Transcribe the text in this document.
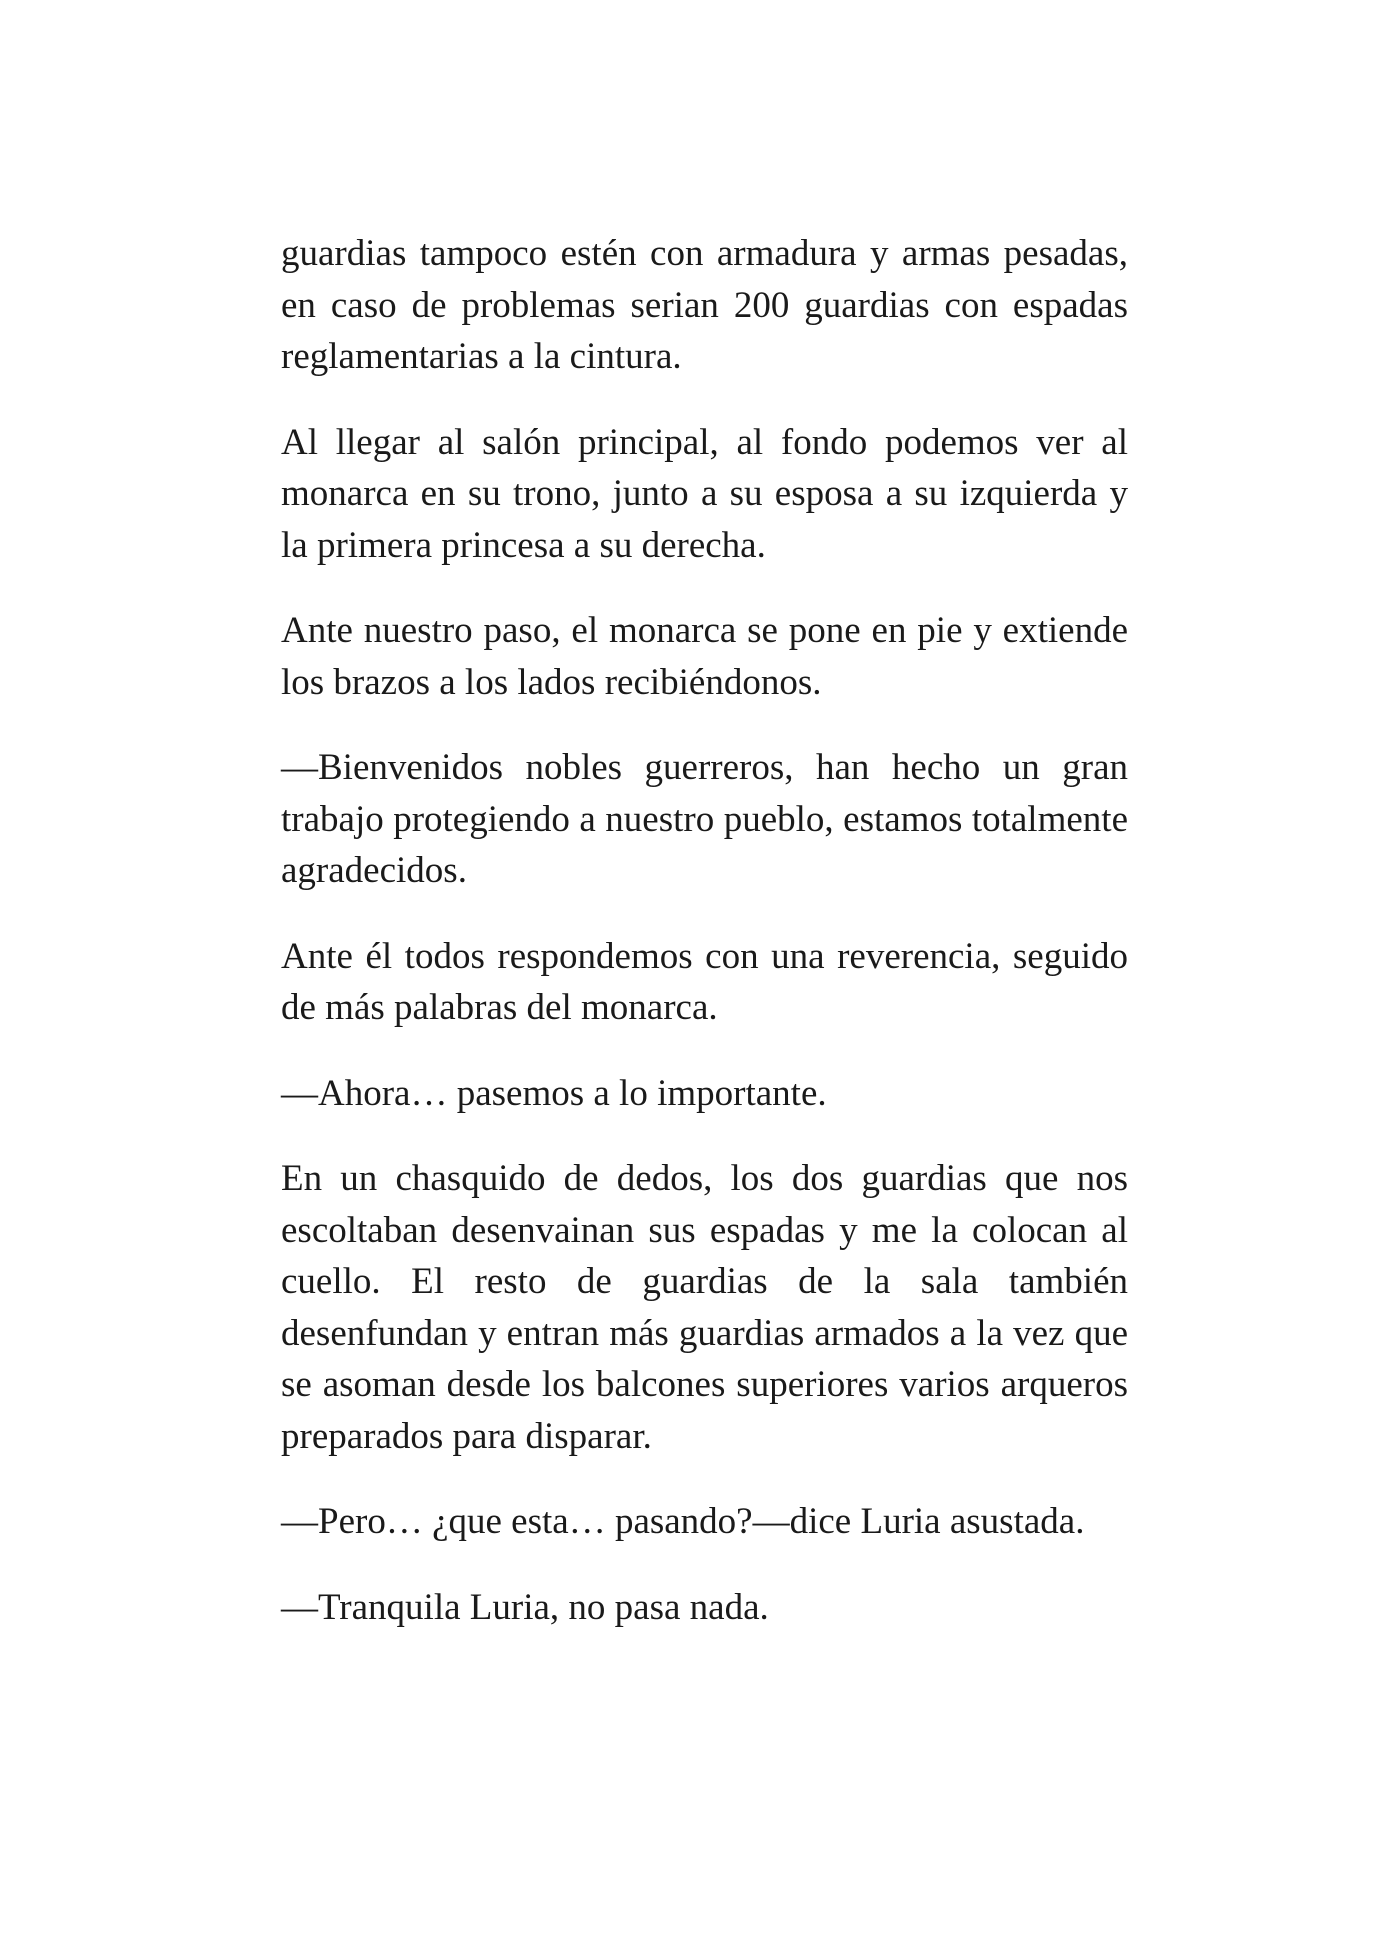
guardias tampoco estén con armadura y armas pesadas, en caso de problemas serian 200 guardias con espadas reglamentarias a la cintura.

Al llegar al salón principal, al fondo podemos ver al monarca en su trono, junto a su esposa a su izquierda y la primera princesa a su derecha.

Ante nuestro paso, el monarca se pone en pie y extiende los brazos a los lados recibiéndonos.

—Bienvenidos nobles guerreros, han hecho un gran trabajo protegiendo a nuestro pueblo, estamos totalmente agradecidos.

Ante él todos respondemos con una reverencia, seguido de más palabras del monarca.

—Ahora… pasemos a lo importante.

En un chasquido de dedos, los dos guardias que nos escoltaban desenvainan sus espadas y me la colocan al cuello. El resto de guardias de la sala también desenfundan y entran más guardias armados a la vez que se asoman desde los balcones superiores varios arqueros preparados para disparar.

—Pero… ¿que esta… pasando?—dice Luria asustada.

—Tranquila Luria, no pasa nada.
